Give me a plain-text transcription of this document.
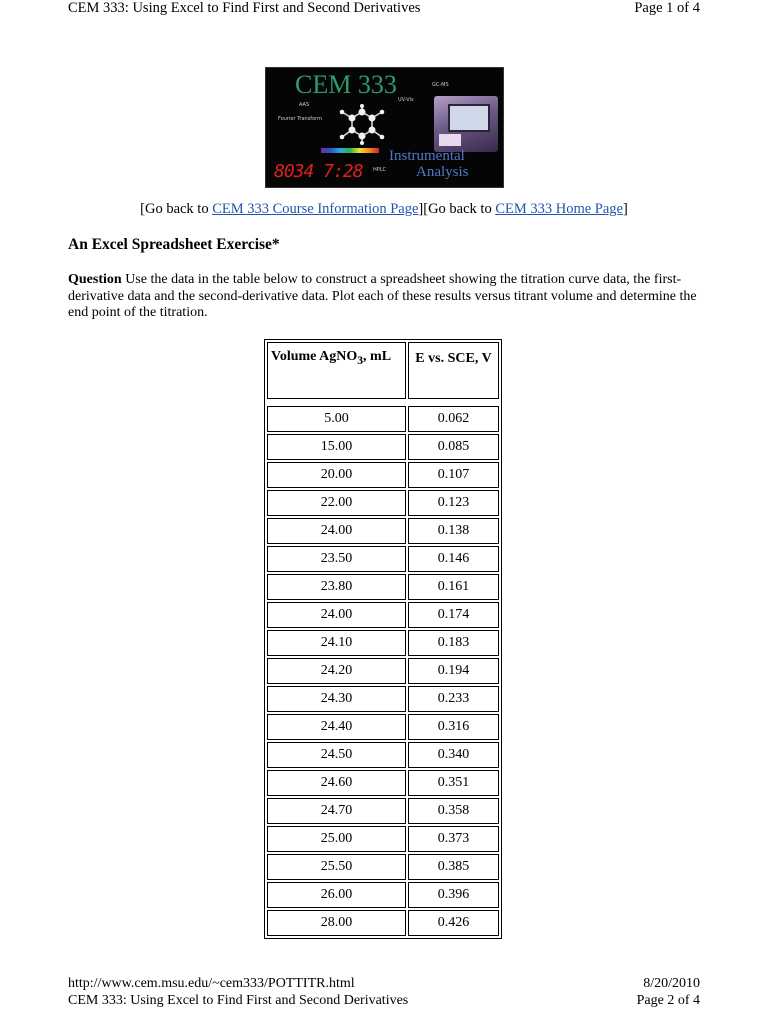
CEM 333: Using Excel to Find First and Second Derivatives	Page 1 of 4
CEM 333	GC-MS
UV-Vis
AAS
Fourier Transform
HPLC
8034 7:28
Instrumental
Analysis
[Go back to CEM 333 Course Information Page][Go back to CEM 333 Home Page]
An Excel Spreadsheet Exercise*

Question Use the data in the table below to construct a spreadsheet showing the titration curve data, the first-derivative data and the second-derivative data. Plot each of these results versus titrant volume and determine the end point of the titration.

Volume AgNO$_3$, mL	E vs. SCE, V

5.00	0.062
15.00	0.085
20.00	0.107
22.00	0.123
24.00	0.138
23.50	0.146
23.80	0.161
24.00	0.174
24.10	0.183
24.20	0.194
24.30	0.233
24.40	0.316
24.50	0.340
24.60	0.351
24.70	0.358
25.00	0.373
25.50	0.385
26.00	0.396
28.00	0.426
http://www.cem.msu.edu/~cem333/POTTITR.html	8/20/2010
CEM 333: Using Excel to Find First and Second Derivatives	Page 2 of 4
